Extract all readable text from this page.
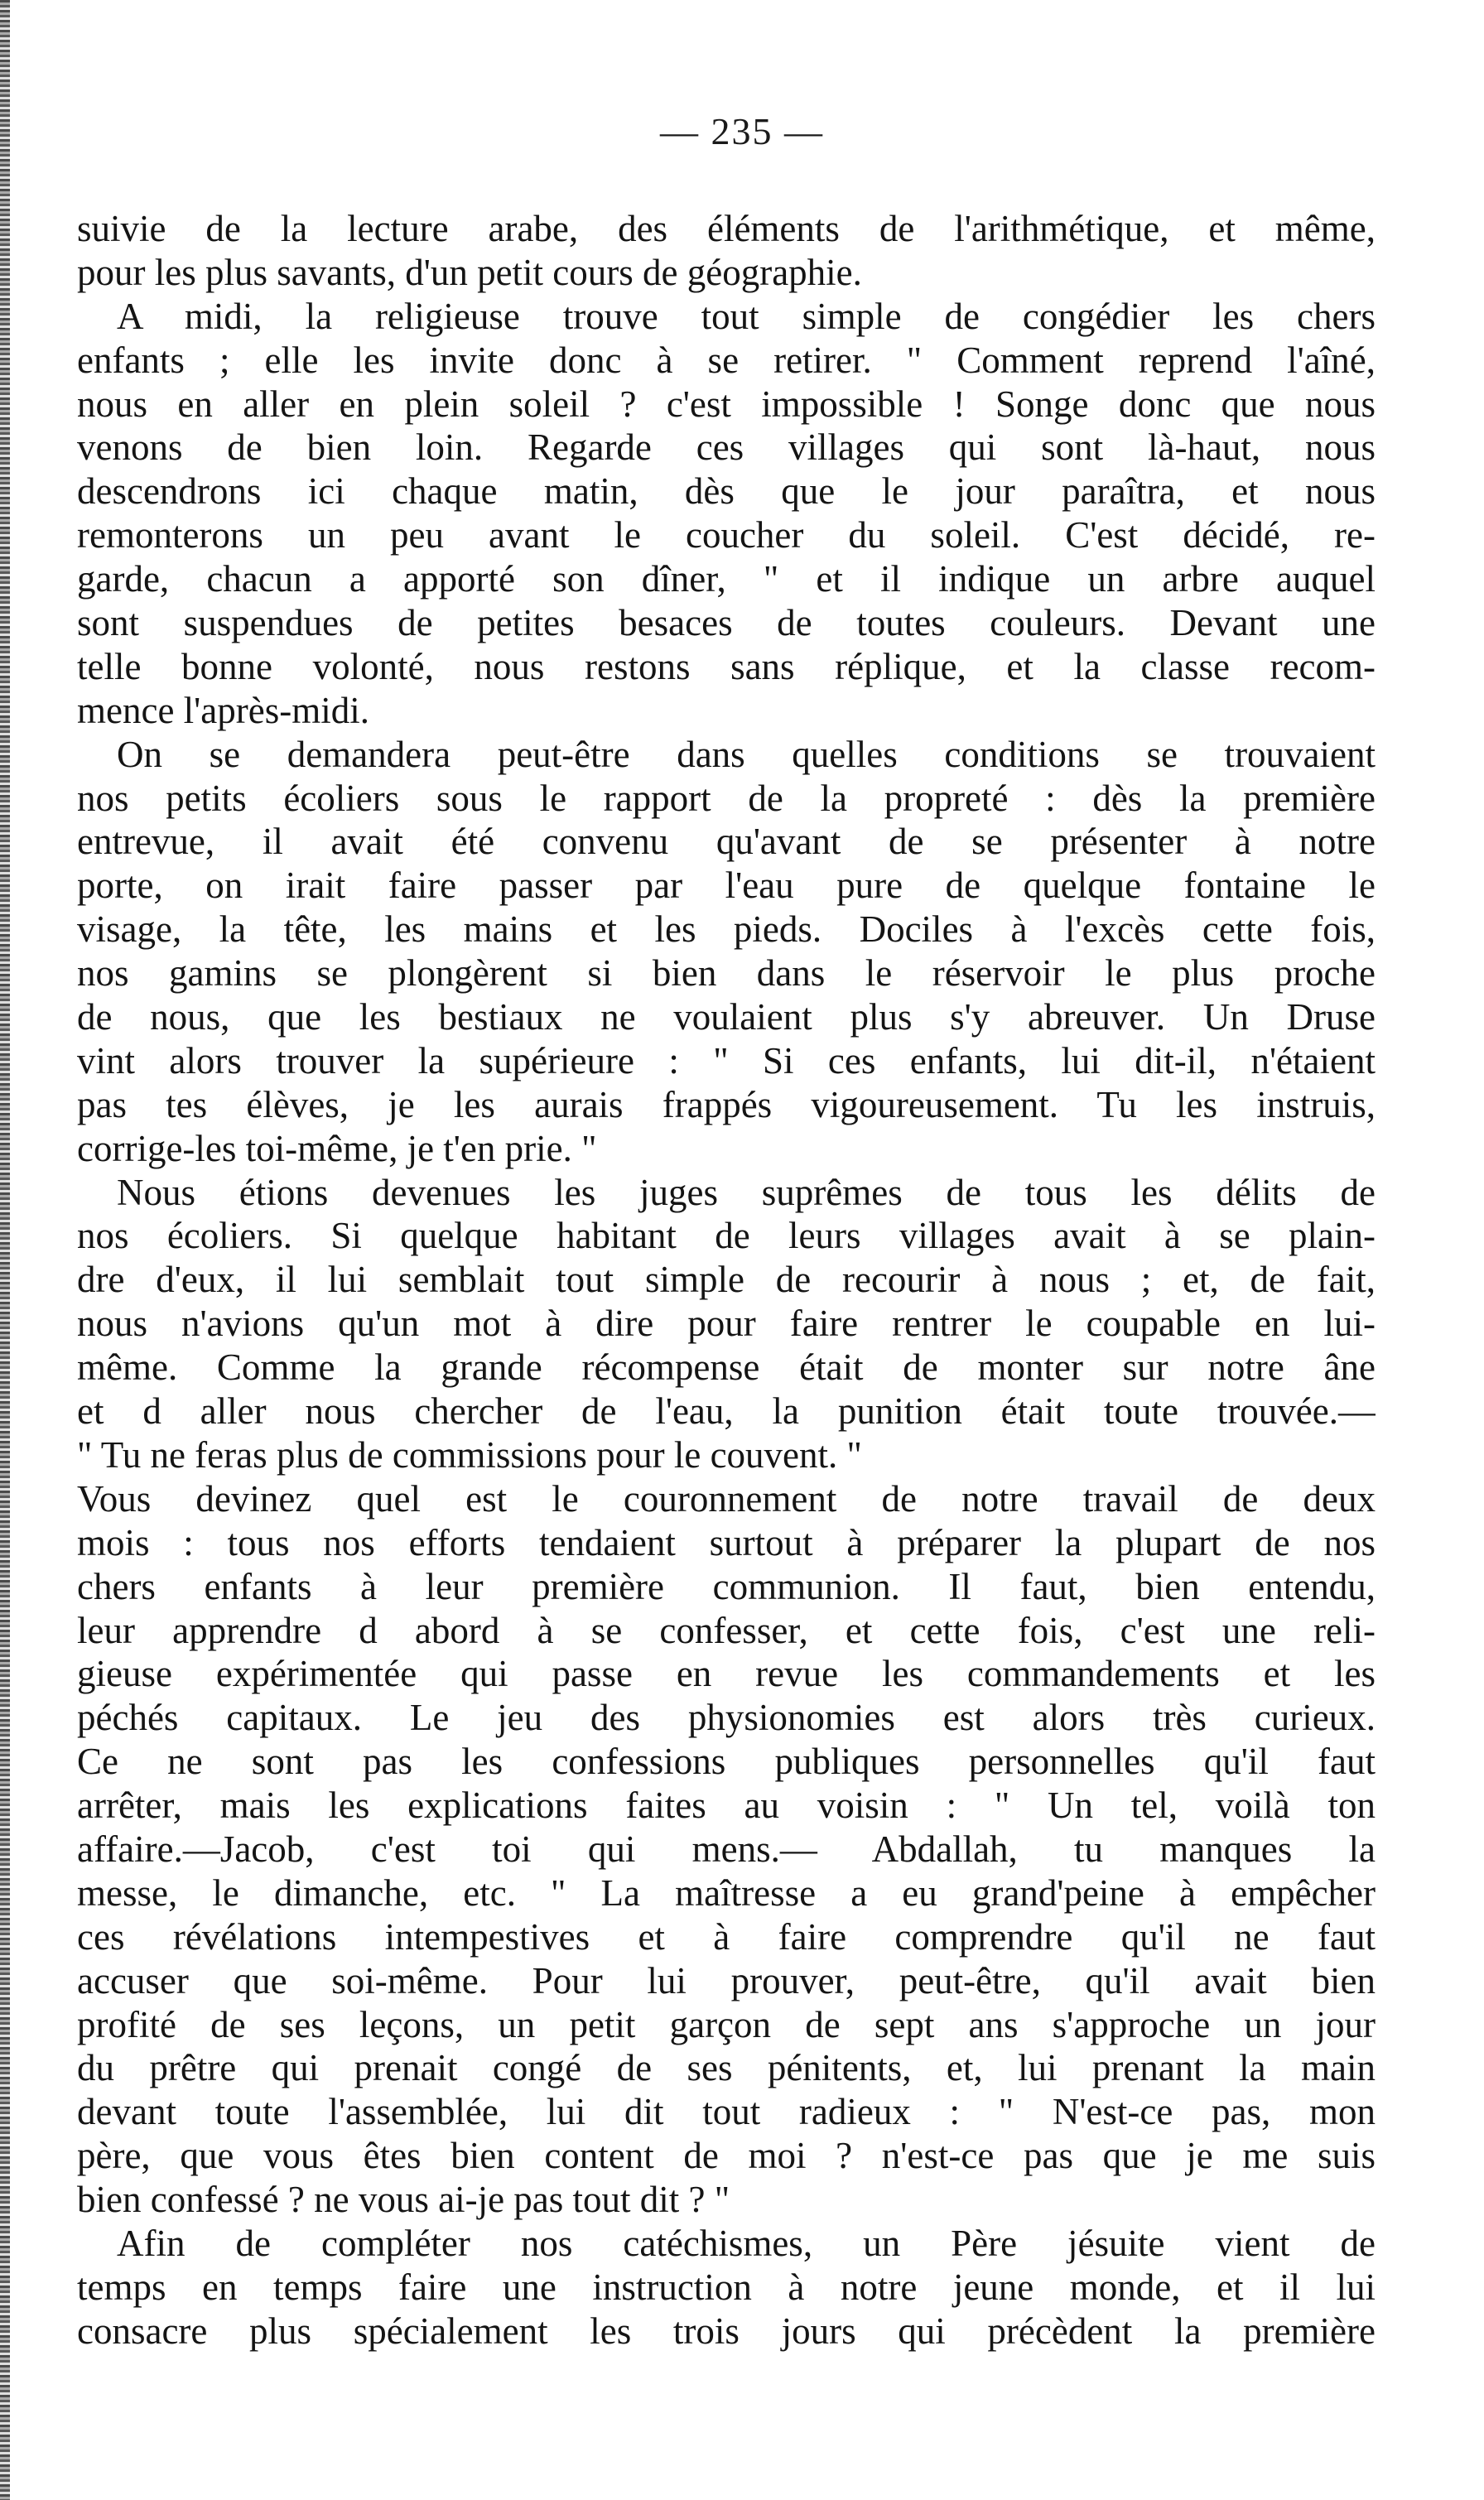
— 235 —
suivie de la lecture arabe, des éléments de l'arithmétique, et même,
pour les plus savants, d'un petit cours de géographie.
A midi, la religieuse trouve tout simple de congédier les chers
enfants ; elle les invite donc à se retirer. " Comment reprend l'aîné,
nous en aller en plein soleil ? c'est impossible ! Songe donc que nous
venons de bien loin. Regarde ces villages qui sont là-haut, nous
descendrons ici chaque matin, dès que le jour paraîtra, et nous
remonterons un peu avant le coucher du soleil. C'est décidé, re-
garde, chacun a apporté son dîner, " et il indique un arbre auquel
sont suspendues de petites besaces de toutes couleurs. Devant une
telle bonne volonté, nous restons sans réplique, et la classe recom-
mence l'après-midi.
On se demandera peut-être dans quelles conditions se trouvaient
nos petits écoliers sous le rapport de la propreté : dès la première
entrevue, il avait été convenu qu'avant de se présenter à notre
porte, on irait faire passer par l'eau pure de quelque fontaine le
visage, la tête, les mains et les pieds. Dociles à l'excès cette fois,
nos gamins se plongèrent si bien dans le réservoir le plus proche
de nous, que les bestiaux ne voulaient plus s'y abreuver. Un Druse
vint alors trouver la supérieure : " Si ces enfants, lui dit-il, n'étaient
pas tes élèves, je les aurais frappés vigoureusement. Tu les instruis,
corrige-les toi-même, je t'en prie. "
Nous étions devenues les juges suprêmes de tous les délits de
nos écoliers. Si quelque habitant de leurs villages avait à se plain-
dre d'eux, il lui semblait tout simple de recourir à nous ; et, de fait,
nous n'avions qu'un mot à dire pour faire rentrer le coupable en lui-
même. Comme la grande récompense était de monter sur notre âne
et d aller nous chercher de l'eau, la punition était toute trouvée.—
" Tu ne feras plus de commissions pour le couvent. "
Vous devinez quel est le couronnement de notre travail de deux
mois : tous nos efforts tendaient surtout à préparer la plupart de nos
chers enfants à leur première communion. Il faut, bien entendu,
leur apprendre d abord à se confesser, et cette fois, c'est une reli-
gieuse expérimentée qui passe en revue les commandements et les
péchés capitaux. Le jeu des physionomies est alors très curieux.
Ce ne sont pas les confessions publiques personnelles qu'il faut
arrêter, mais les explications faites au voisin : " Un tel, voilà ton
affaire.—Jacob, c'est toi qui mens.— Abdallah, tu manques la
messe, le dimanche, etc. " La maîtresse a eu grand'peine à empêcher
ces révélations intempestives et à faire comprendre qu'il ne faut
accuser que soi-même. Pour lui prouver, peut-être, qu'il avait bien
profité de ses leçons, un petit garçon de sept ans s'approche un jour
du prêtre qui prenait congé de ses pénitents, et, lui prenant la main
devant toute l'assemblée, lui dit tout radieux : " N'est-ce pas, mon
père, que vous êtes bien content de moi ? n'est-ce pas que je me suis
bien confessé ? ne vous ai-je pas tout dit ? "
Afin de compléter nos catéchismes, un Père jésuite vient de
temps en temps faire une instruction à notre jeune monde, et il lui
consacre plus spécialement les trois jours qui précèdent la première
